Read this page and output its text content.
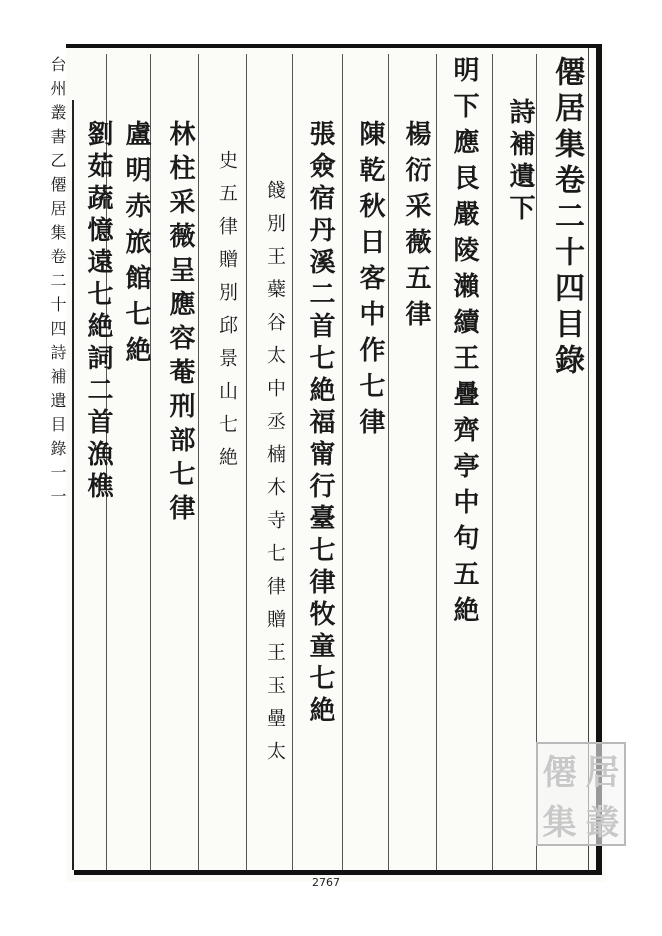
僊居集卷二十四目錄
詩補遺下
明下應艮嚴陵瀨續王疊齊亭中句五絶
楊衍采薇五律
陳乾秋日客中作七律
張僉宿丹溪二首七絶福甯行臺七律牧童七絶
餞別王蘗谷太中丞楠木寺七律贈王玉壘太
史五律贈別邱景山七絶
林柱采薇呈應容菴刑部七律
盧明赤旅館七絶
劉茹蔬憶遠七絶詞二首漁樵
台州叢書乙僊居集卷二十四詩補遺目錄一一
僊 居
集 叢
2767
